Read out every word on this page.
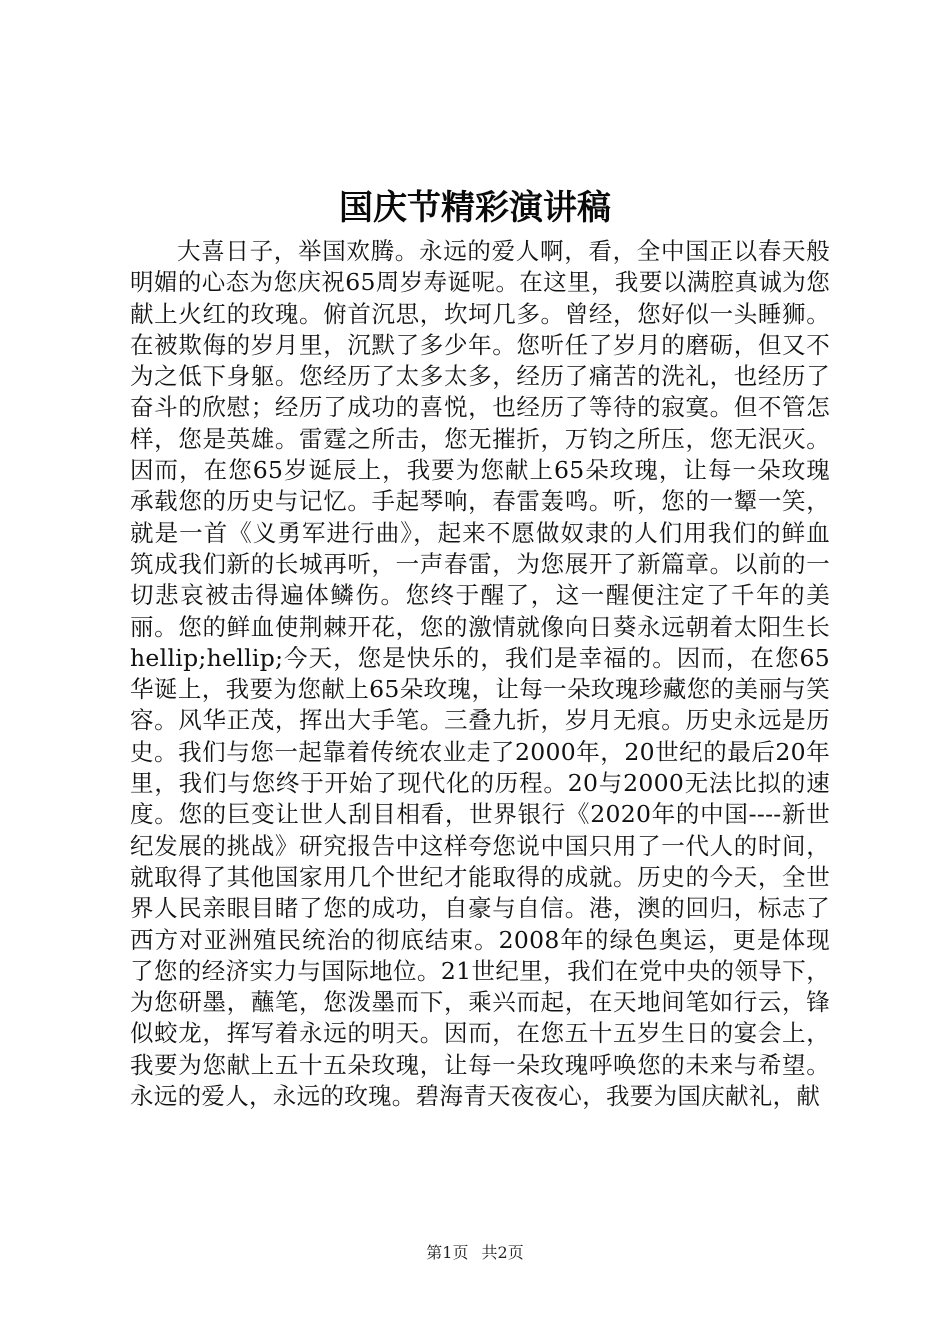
国庆节精彩演讲稿

大喜日子，举国欢腾。永远的爱人啊，看，全中国正以春天般明媚的心态为您庆祝65周岁寿诞呢。在这里，我要以满腔真诚为您献上火红的玫瑰。俯首沉思，坎坷几多。曾经，您好似一头睡狮。在被欺侮的岁月里，沉默了多少年。您听任了岁月的磨砺，但又不为之低下身躯。您经历了太多太多，经历了痛苦的洗礼，也经历了奋斗的欣慰；经历了成功的喜悦，也经历了等待的寂寞。但不管怎样，您是英雄。雷霆之所击，您无摧折，万钧之所压，您无泯灭。因而，在您65岁诞辰上，我要为您献上65朵玫瑰，让每一朵玫瑰承载您的历史与记忆。手起琴响，春雷轰鸣。听，您的一颦一笑，就是一首《义勇军进行曲》，起来不愿做奴隶的人们用我们的鲜血筑成我们新的长城再听，一声春雷，为您展开了新篇章。以前的一切悲哀被击得遍体鳞伤。您终于醒了，这一醒便注定了千年的美丽。您的鲜血使荆棘开花，您的激情就像向日葵永远朝着太阳生长hellip;hellip;今天，您是快乐的，我们是幸福的。因而，在您65华诞上，我要为您献上65朵玫瑰，让每一朵玫瑰珍藏您的美丽与笑容。风华正茂，挥出大手笔。三叠九折，岁月无痕。历史永远是历史。我们与您一起靠着传统农业走了2000年，20世纪的最后20年里，我们与您终于开始了现代化的历程。20与2000无法比拟的速度。您的巨变让世人刮目相看，世界银行《2020年的中国----新世纪发展的挑战》研究报告中这样夸您说中国只用了一代人的时间，就取得了其他国家用几个世纪才能取得的成就。历史的今天，全世界人民亲眼目睹了您的成功，自豪与自信。港，澳的回归，标志了西方对亚洲殖民统治的彻底结束。2008年的绿色奥运，更是体现了您的经济实力与国际地位。21世纪里，我们在党中央的领导下，为您研墨，蘸笔，您泼墨而下，乘兴而起，在天地间笔如行云，锋似蛟龙，挥写着永远的明天。因而，在您五十五岁生日的宴会上，我要为您献上五十五朵玫瑰，让每一朵玫瑰呼唤您的未来与希望。永远的爱人，永远的玫瑰。碧海青天夜夜心，我要为国庆献礼，献

第1页 共2页
